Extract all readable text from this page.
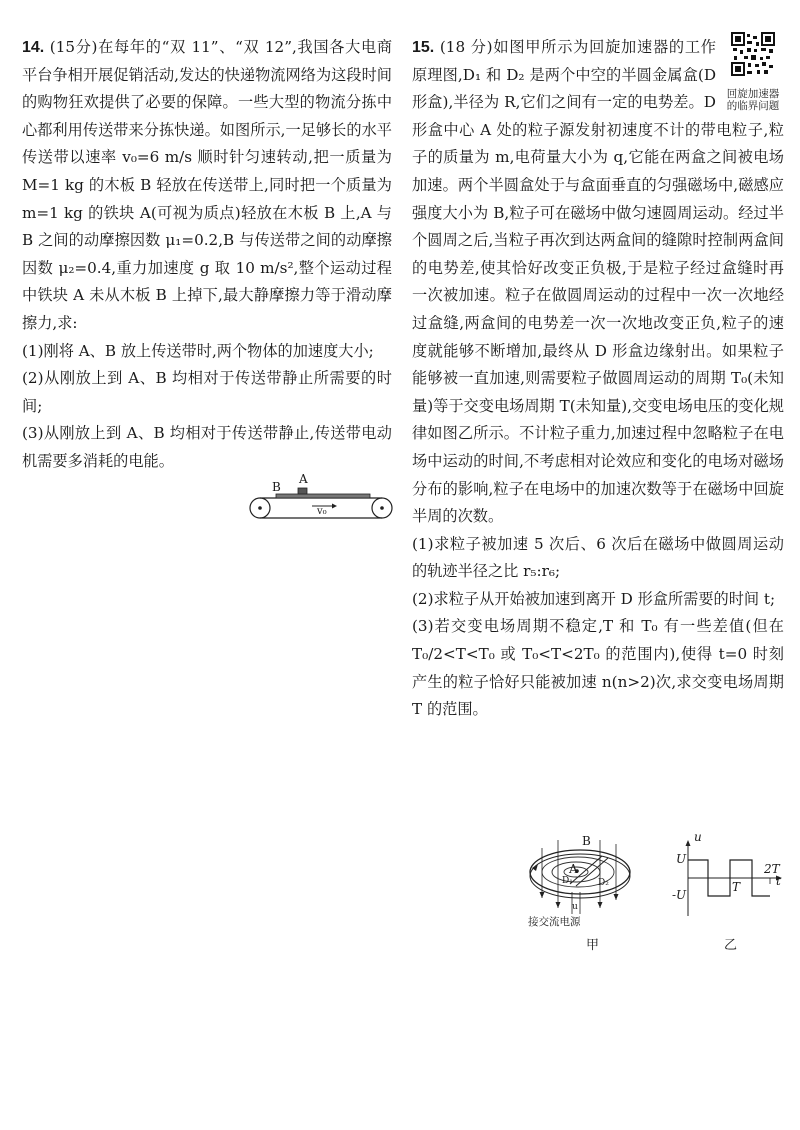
14. (15分)在每年的“双 11”、“双 12”,我国各大电商平台争相开展促销活动,发达的快递物流网络为这段时间的购物狂欢提供了必要的保障。一些大型的物流分拣中心都利用传送带来分拣快递。如图所示,一足够长的水平传送带以速率 v₀=6 m/s 顺时针匀速转动,把一质量为 M=1 kg 的木板 B 轻放在传送带上,同时把一个质量为 m=1 kg 的铁块 A(可视为质点)轻放在木板 B 上,A 与 B 之间的动摩擦因数 μ₁=0.2,B 与传送带之间的动摩擦因数 μ₂=0.4,重力加速度 g 取 10 m/s²,整个运动过程中铁块 A 未从木板 B 上掉下,最大静摩擦力等于滑动摩擦力,求:

(1)刚将 A、B 放上传送带时,两个物体的加速度大小;

(2)从刚放上到 A、B 均相对于传送带静止所需要的时间;

(3)从刚放上到 A、B 均相对于传送带静止,传送带电动机需要多消耗的电能。

B
A
v₀

回旋加速器的临界问题
15. (18 分)如图甲所示为回旋加速器的工作原理图,D₁ 和 D₂ 是两个中空的半圆金属盒(D 形盒),半径为 R,它们之间有一定的电势差。D 形盒中心 A 处的粒子源发射初速度不计的带电粒子,粒子的质量为 m,电荷量大小为 q,它能在两盒之间被电场加速。两个半圆盒处于与盒面垂直的匀强磁场中,磁感应强度大小为 B,粒子可在磁场中做匀速圆周运动。经过半个圆周之后,当粒子再次到达两盒间的缝隙时控制两盒间的电势差,使其恰好改变正负极,于是粒子经过盒缝时再一次被加速。粒子在做圆周运动的过程中一次一次地经过盒缝,两盒间的电势差一次一次地改变正负,粒子的速度就能够不断增加,最终从 D 形盒边缘射出。如果粒子能够被一直加速,则需要粒子做圆周运动的周期 T₀(未知量)等于交变电场周期 T(未知量),交变电场电压的变化规律如图乙所示。不计粒子重力,加速过程中忽略粒子在电场中运动的时间,不考虑相对论效应和变化的电场对磁场分布的影响,粒子在电场中的加速次数等于在磁场中回旋半周的次数。

(1)求粒子被加速 5 次后、6 次后在磁场中做圆周运动的轨迹半径之比 r₅:r₆;

(2)求粒子从开始被加速到离开 D 形盒所需要的时间 t;

(3)若交变电场周期不稳定,T 和 T₀ 有一些差值(但在 T₀/2<T<T₀ 或 T₀<T<2T₀ 的范围内),使得 t=0 时刻产生的粒子恰好只能被加速 n(n>2)次,求交变电场周期 T 的范围。

B
A
D₁	D₂
u
接交流电源
甲
u
t
U
-U
T
2T
乙
